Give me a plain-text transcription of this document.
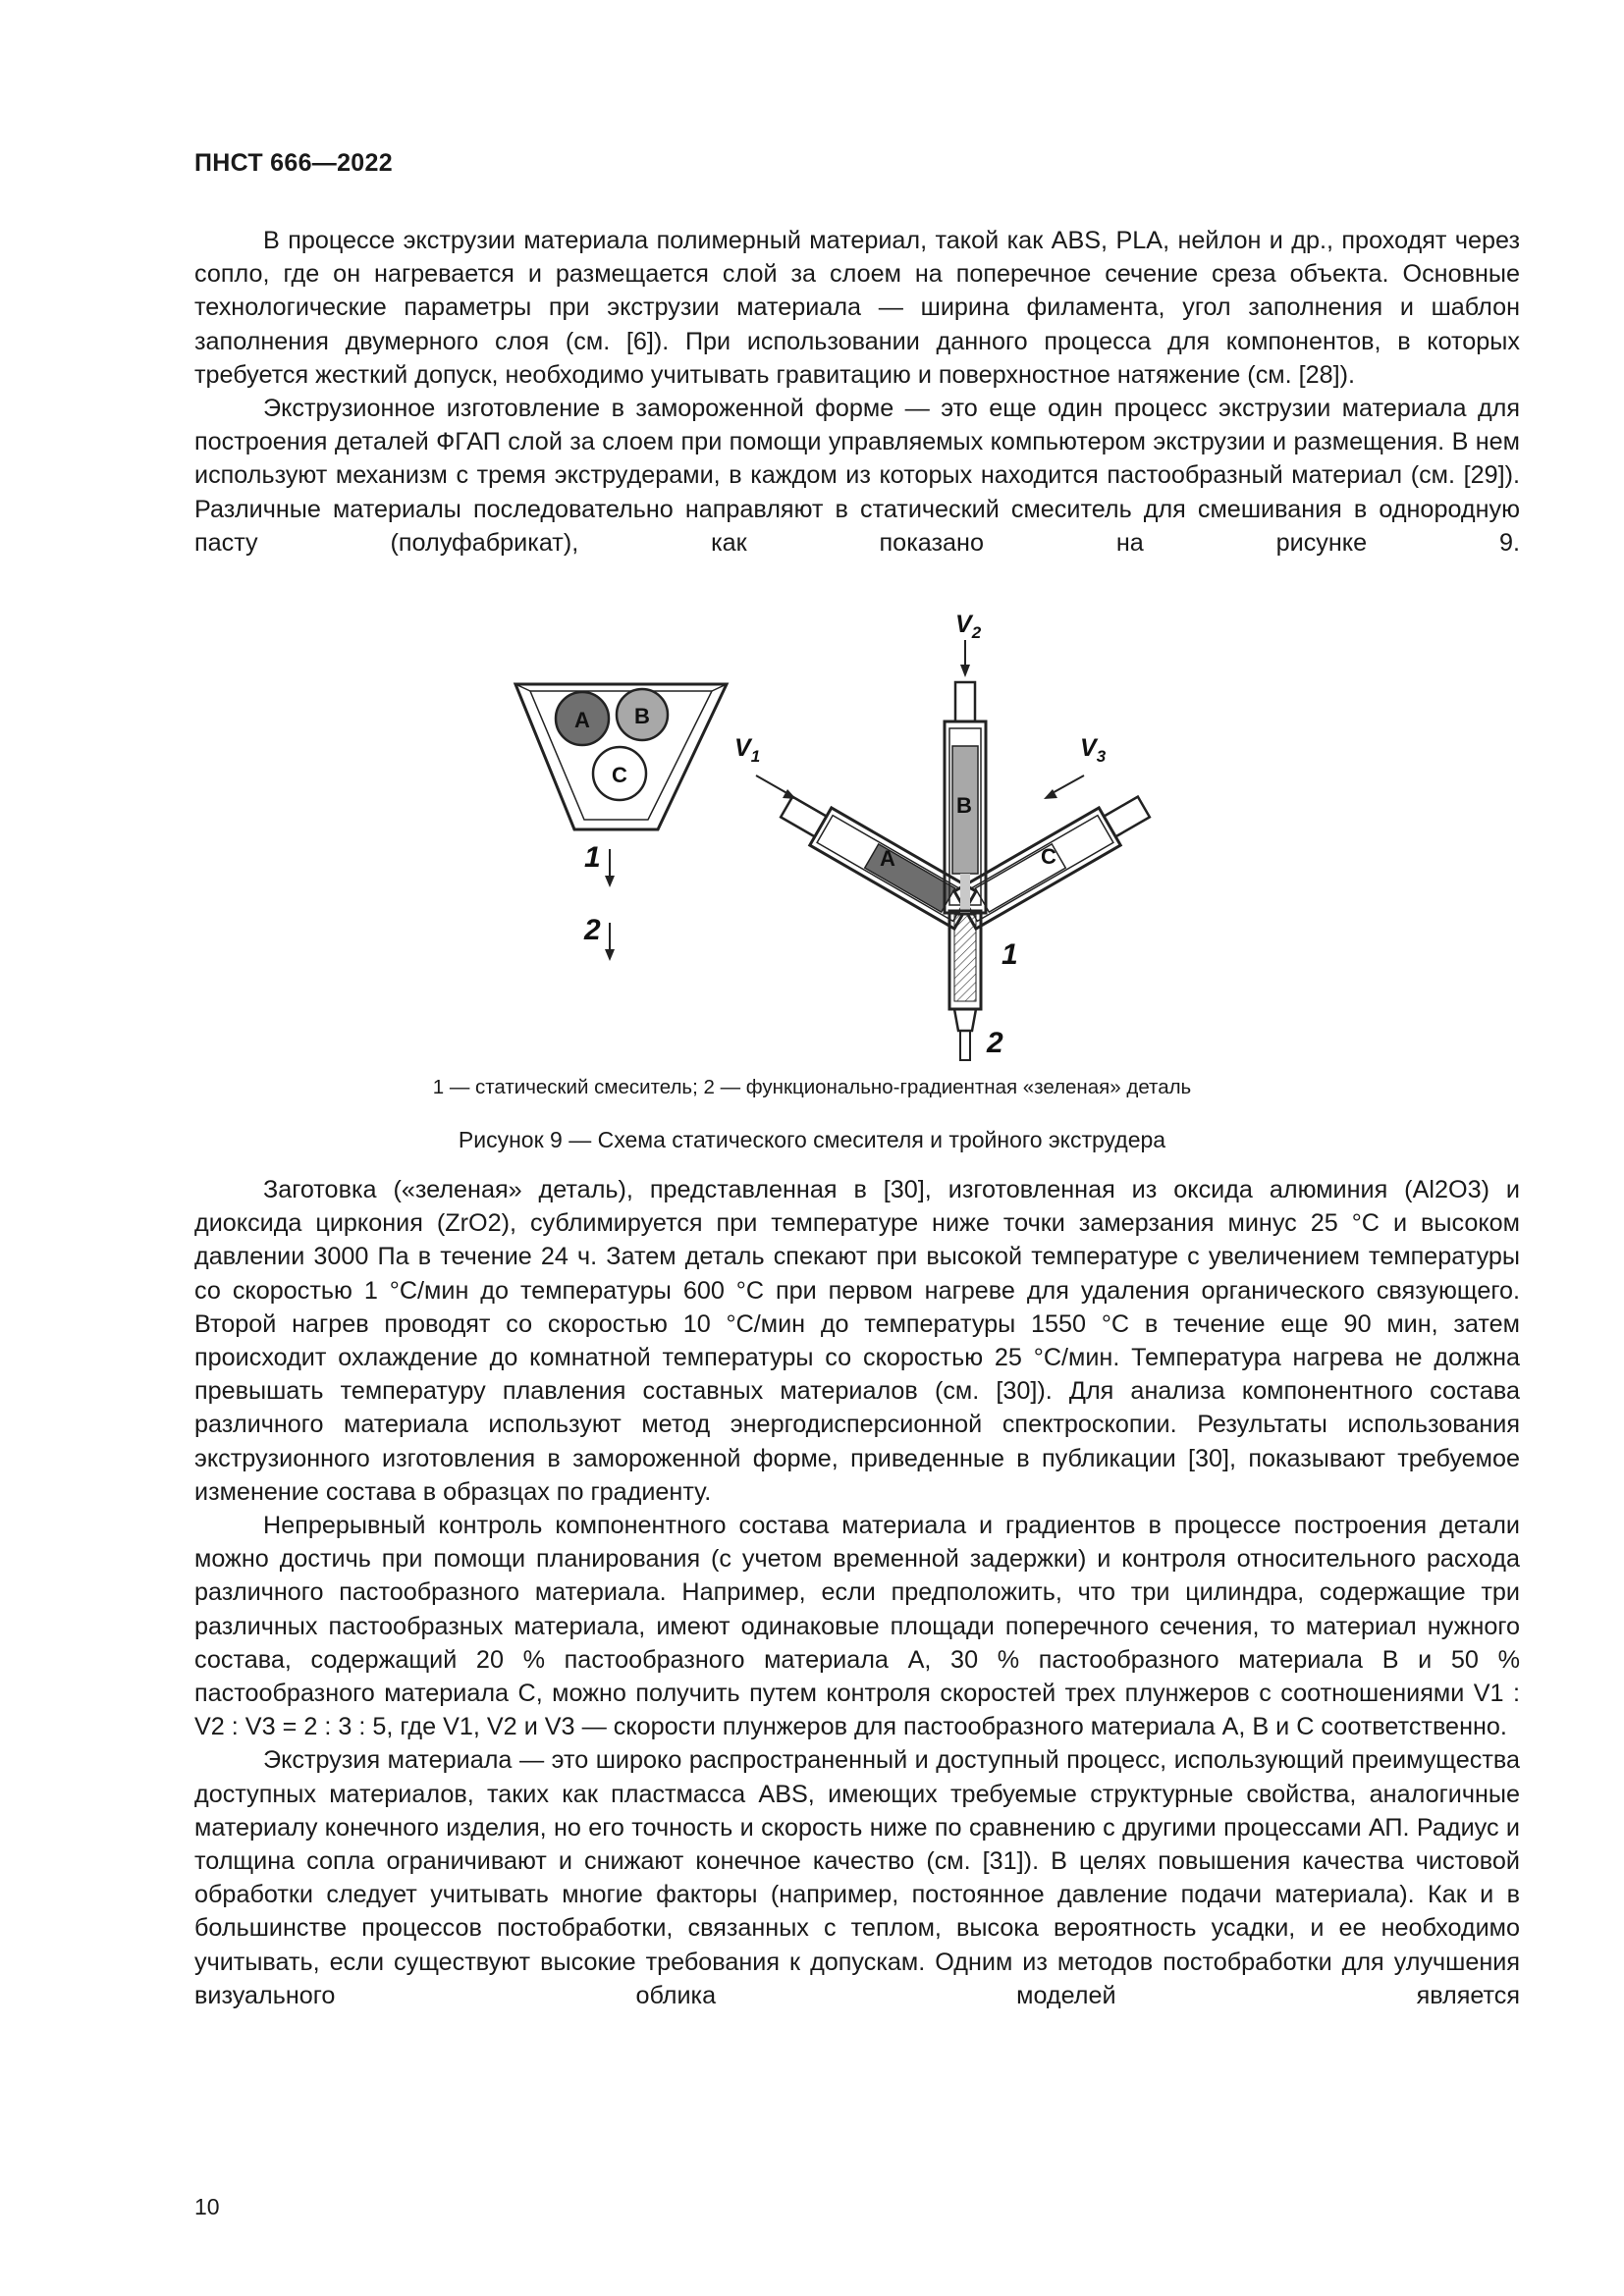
ПНСТ 666—2022

В процессе экструзии материала полимерный материал, такой как ABS, PLA, нейлон и др., проходят через сопло, где он нагревается и размещается слой за слоем на поперечное сечение среза объекта. Основные технологические параметры при экструзии материала — ширина филамента, угол заполнения и шаблон заполнения двумерного слоя (см. [6]). При использовании данного процесса для компонентов, в которых требуется жесткий допуск, необходимо учитывать гравитацию и поверхностное натяжение (см. [28]).

Экструзионное изготовление в замороженной форме — это еще один процесс экструзии материала для построения деталей ФГАП слой за слоем при помощи управляемых компьютером экструзии и размещения. В нем используют механизм с тремя экструдерами, в каждом из которых находится пастообразный материал (см. [29]). Различные материалы последовательно направляют в статический смеситель для смешивания в однородную пасту (полуфабрикат), как показано на рисунке 9.

A B
C
1
2
$V_2$
$V_1$	$V_3$
A	C
B
1
2
1 — статический смеситель; 2 — функционально-градиентная «зеленая» деталь
Рисунок 9 — Схема статического смесителя и тройного экструдера

Заготовка («зеленая» деталь), представленная в [30], изготовленная из оксида алюминия (Al2O3) и диоксида циркония (ZrO2), сублимируется при температуре ниже точки замерзания минус 25 °C и высоком давлении 3000 Па в течение 24 ч. Затем деталь спекают при высокой температуре с увеличением температуры со скоростью 1 °C/мин до температуры 600 °C при первом нагреве для удаления органического связующего. Второй нагрев проводят со скоростью 10 °C/мин до температуры 1550 °C в течение еще 90 мин, затем происходит охлаждение до комнатной температуры со скоростью 25 °C/мин. Температура нагрева не должна превышать температуру плавления составных материалов (см. [30]). Для анализа компонентного состава различного материала используют метод энергодисперсионной спектроскопии. Результаты использования экструзионного изготовления в замороженной форме, приведенные в публикации [30], показывают требуемое изменение состава в образцах по градиенту.

Непрерывный контроль компонентного состава материала и градиентов в процессе построения детали можно достичь при помощи планирования (с учетом временной задержки) и контроля относительного расхода различного пастообразного материала. Например, если предположить, что три цилиндра, содержащие три различных пастообразных материала, имеют одинаковые площади поперечного сечения, то материал нужного состава, содержащий 20 % пастообразного материала А, 30 % пастообразного материала В и 50 % пастообразного материала С, можно получить путем контроля скоростей трех плунжеров с соотношениями V1 : V2 : V3 = 2 : 3 : 5, где V1, V2 и V3 — скорости плунжеров для пастообразного материала А, В и С соответственно.

Экструзия материала — это широко распространенный и доступный процесс, использующий преимущества доступных материалов, таких как пластмасса ABS, имеющих требуемые структурные свойства, аналогичные материалу конечного изделия, но его точность и скорость ниже по сравнению с другими процессами АП. Радиус и толщина сопла ограничивают и снижают конечное качество (см. [31]). В целях повышения качества чистовой обработки следует учитывать многие факторы (например, постоянное давление подачи материала). Как и в большинстве процессов постобработки, связанных с теплом, высока вероятность усадки, и ее необходимо учитывать, если существуют высокие требования к допускам. Одним из методов постобработки для улучшения визуального облика моделей является

10
